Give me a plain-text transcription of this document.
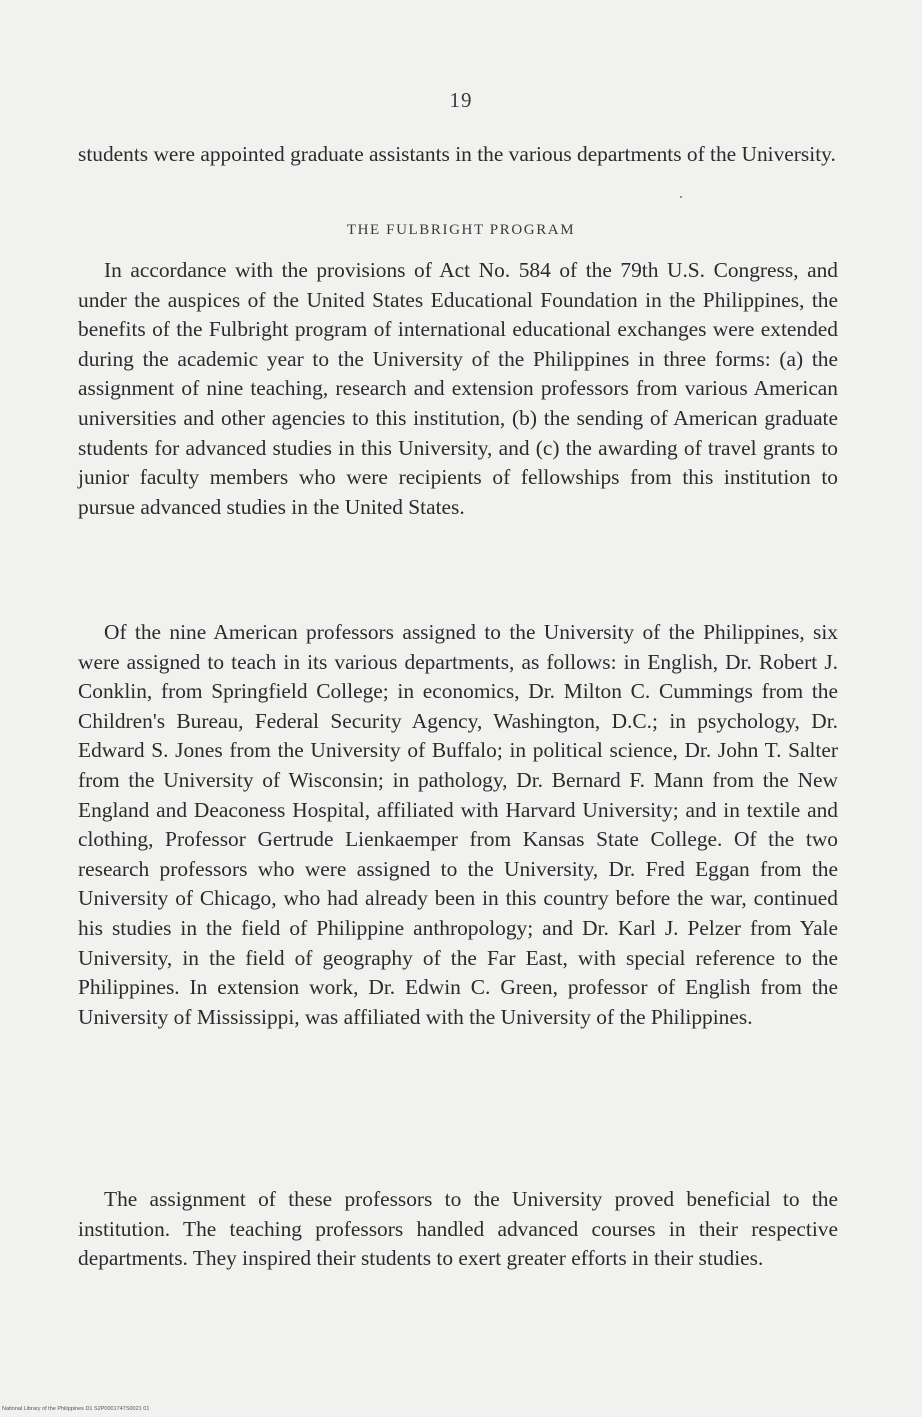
19
students were appointed graduate assistants in the various departments of the University.
THE FULBRIGHT PROGRAM

In accordance with the provisions of Act No. 584 of the 79th U.S. Congress, and under the auspices of the United States Educational Foundation in the Philippines, the benefits of the Fulbright program of international educational exchanges were extended during the academic year to the University of the Philippines in three forms: (a) the assignment of nine teaching, research and extension professors from various American universities and other agencies to this institution, (b) the sending of American graduate students for advanced studies in this University, and (c) the awarding of travel grants to junior faculty members who were recipients of fellowships from this institution to pursue advanced studies in the United States.

Of the nine American professors assigned to the University of the Philippines, six were assigned to teach in its various departments, as follows: in English, Dr. Robert J. Conklin, from Springfield College; in economics, Dr. Milton C. Cummings from the Children's Bureau, Federal Security Agency, Washington, D.C.; in psychology, Dr. Edward S. Jones from the University of Buffalo; in political science, Dr. John T. Salter from the University of Wisconsin; in pathology, Dr. Bernard F. Mann from the New England and Deaconess Hospital, affiliated with Harvard University; and in textile and clothing, Professor Gertrude Lienkaemper from Kansas State College. Of the two research professors who were assigned to the University, Dr. Fred Eggan from the University of Chicago, who had already been in this country before the war, continued his studies in the field of Philippine anthropology; and Dr. Karl J. Pelzer from Yale University, in the field of geography of the Far East, with special reference to the Philippines. In extension work, Dr. Edwin C. Green, professor of English from the University of Mississippi, was affiliated with the University of the Philippines.

The assignment of these professors to the University proved beneficial to the institution. The teaching professors handled advanced courses in their respective departments. They inspired their students to exert greater efforts in their studies.

National Library of the Philippines D1 S2P0001747S0021 01
